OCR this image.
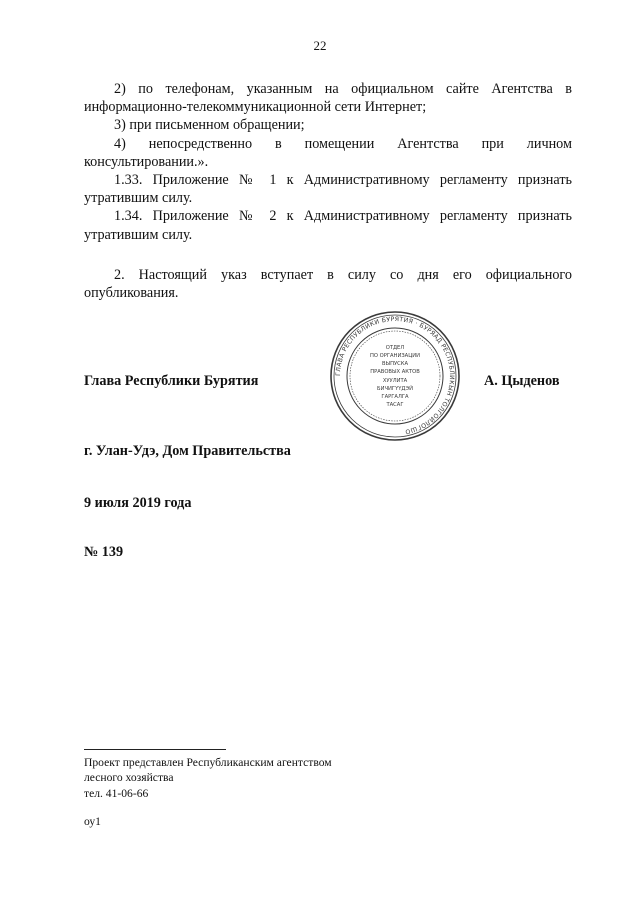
22

2) по телефонам, указанным на официальном сайте Агентства в информационно-телекоммуникационной сети Интернет;

3) при письменном обращении;

4) непосредственно в помещении Агентства при личном консультировании.».

1.33. Приложение № 1 к Административному регламенту признать утратившим силу.

1.34. Приложение № 2 к Административному регламенту признать утратившим силу.

2. Настоящий указ вступает в силу со дня его официального опубликования.

Глава Республики Бурятия	ГЛАВА РЕСПУБЛИКИ БУРЯТИЯ · БУРЯАД РЕСПУБЛИКЫН ТОЛГОЙЛОГШО
ОТДЕЛ
ПО ОРГАНИЗАЦИИ
ВЫПУСКА
ПРАВОВЫХ АКТОВ
ХУУЛИТА
БИЧИГҮҮДЭЙ
ГАРГАЛГА
ТАСАГ
А. Цыденов
г. Улан-Удэ, Дом Правительства
9 июля 2019 года
№ 139
Проект представлен Республиканским агентством
лесного хозяйства
тел. 41-06-66
оу1
